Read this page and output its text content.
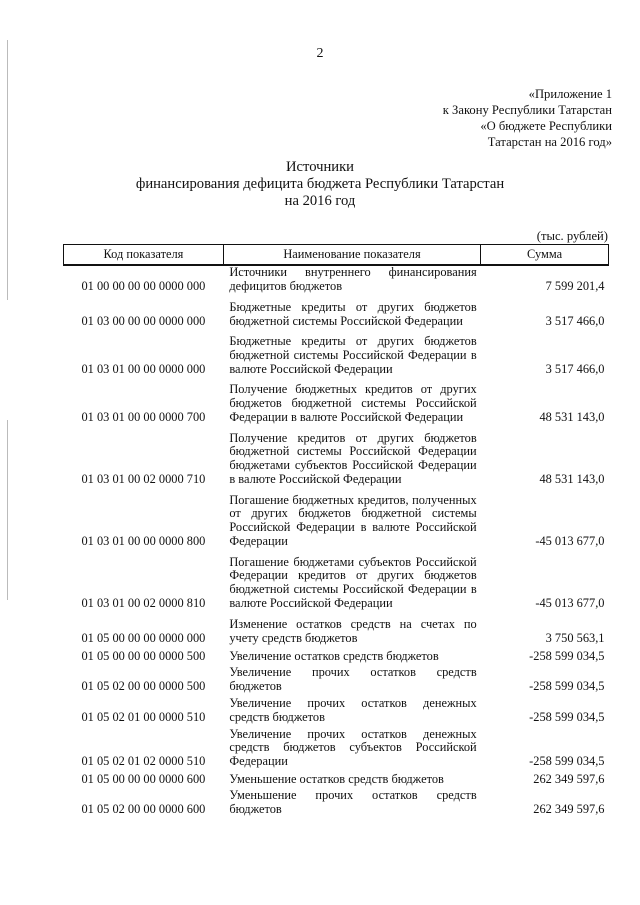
2
«Приложение 1
к Закону Республики Татарстан
«О бюджете Республики
Татарстан на 2016 год»
Источники
финансирования дефицита бюджета Республики Татарстан
на 2016 год
(тыс. рублей)
Код показателя	Наименование показателя	Сумма
01 00 00 00 00 0000 000	Источники внутреннего финансирования дефицитов бюджетов	7 599 201,4
01 03 00 00 00 0000 000	Бюджетные кредиты от других бюджетов бюджетной системы Российской Федерации	3 517 466,0
01 03 01 00 00 0000 000	Бюджетные кредиты от других бюджетов бюджетной системы Российской Федерации в валюте Российской Федерации	3 517 466,0
01 03 01 00 00 0000 700	Получение бюджетных кредитов от других бюджетов бюджетной системы Российской Федерации в валюте Российской Федерации	48 531 143,0
01 03 01 00 02 0000 710	Получение кредитов от других бюджетов бюджетной системы Российской Федерации бюджетами субъектов Российской Федерации в валюте Российской Федерации	48 531 143,0
01 03 01 00 00 0000 800	Погашение бюджетных кредитов, полученных от других бюджетов бюджетной системы Российской Федерации в валюте Российской Федерации	-45 013 677,0
01 03 01 00 02 0000 810	Погашение бюджетами субъектов Российской Федерации кредитов от других бюджетов бюджетной системы Российской Федерации в валюте Российской Федерации	-45 013 677,0
01 05 00 00 00 0000 000	Изменение остатков средств на счетах по учету средств бюджетов	3 750 563,1
01 05 00 00 00 0000 500	Увеличение остатков средств бюджетов	-258 599 034,5
01 05 02 00 00 0000 500	Увеличение прочих остатков средств бюджетов	-258 599 034,5
01 05 02 01 00 0000 510	Увеличение прочих остатков денежных средств бюджетов	-258 599 034,5
01 05 02 01 02 0000 510	Увеличение прочих остатков денежных средств бюджетов субъектов Российской Федерации	-258 599 034,5
01 05 00 00 00 0000 600	Уменьшение остатков средств бюджетов	262 349 597,6
01 05 02 00 00 0000 600	Уменьшение прочих остатков средств бюджетов	262 349 597,6
